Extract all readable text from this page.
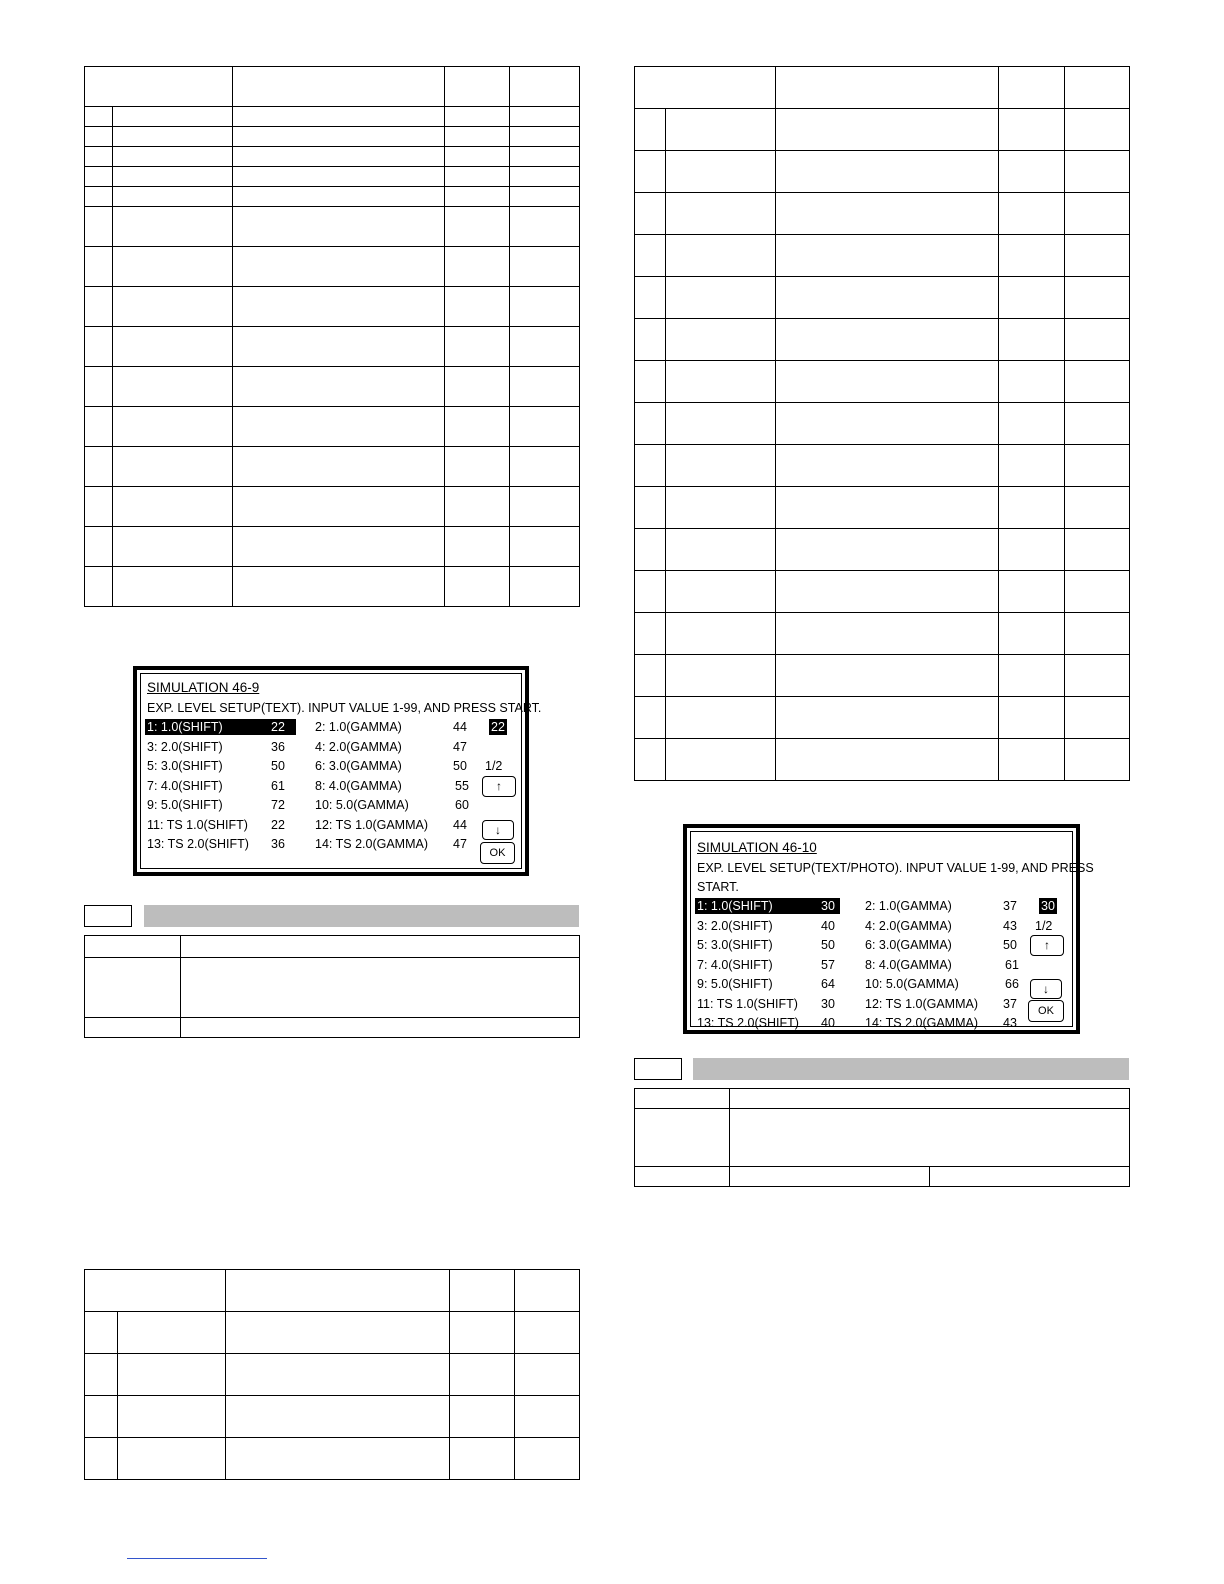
SIMULATION 46-9
EXP. LEVEL SETUP(TEXT). INPUT VALUE 1-99, AND PRESS START.
1: 1.0(SHIFT)	22 2: 1.0(GAMMA)	44
3: 2.0(SHIFT)	36 4: 2.0(GAMMA)	47
5: 3.0(SHIFT)	50 6: 3.0(GAMMA)	50
7: 4.0(SHIFT)	61 8: 4.0(GAMMA)	55
9: 5.0(SHIFT)	72 10: 5.0(GAMMA)	60
11: TS 1.0(SHIFT) 22 12: TS 1.0(GAMMA) 44
13: TS 2.0(SHIFT) 36 14: TS 2.0(GAMMA) 47
22
1/2
↑
↓
OK

					SIMULATION 46-10
EXP. LEVEL SETUP(TEXT/PHOTO). INPUT VALUE 1-99, AND PRESS
START.
1: 1.0(SHIFT)	30 2: 1.0(GAMMA)	37
3: 2.0(SHIFT)	40 4: 2.0(GAMMA)	43
5: 3.0(SHIFT)	50 6: 3.0(GAMMA)	50
7: 4.0(SHIFT)	57 8: 4.0(GAMMA)	61
9: 5.0(SHIFT)	64 10: 5.0(GAMMA)	66
11: TS 1.0(SHIFT) 30 12: TS 1.0(GAMMA) 37
13: TS 2.0(SHIFT) 40 14: TS 2.0(GAMMA) 43
30
1/2
↑
↓
OK
